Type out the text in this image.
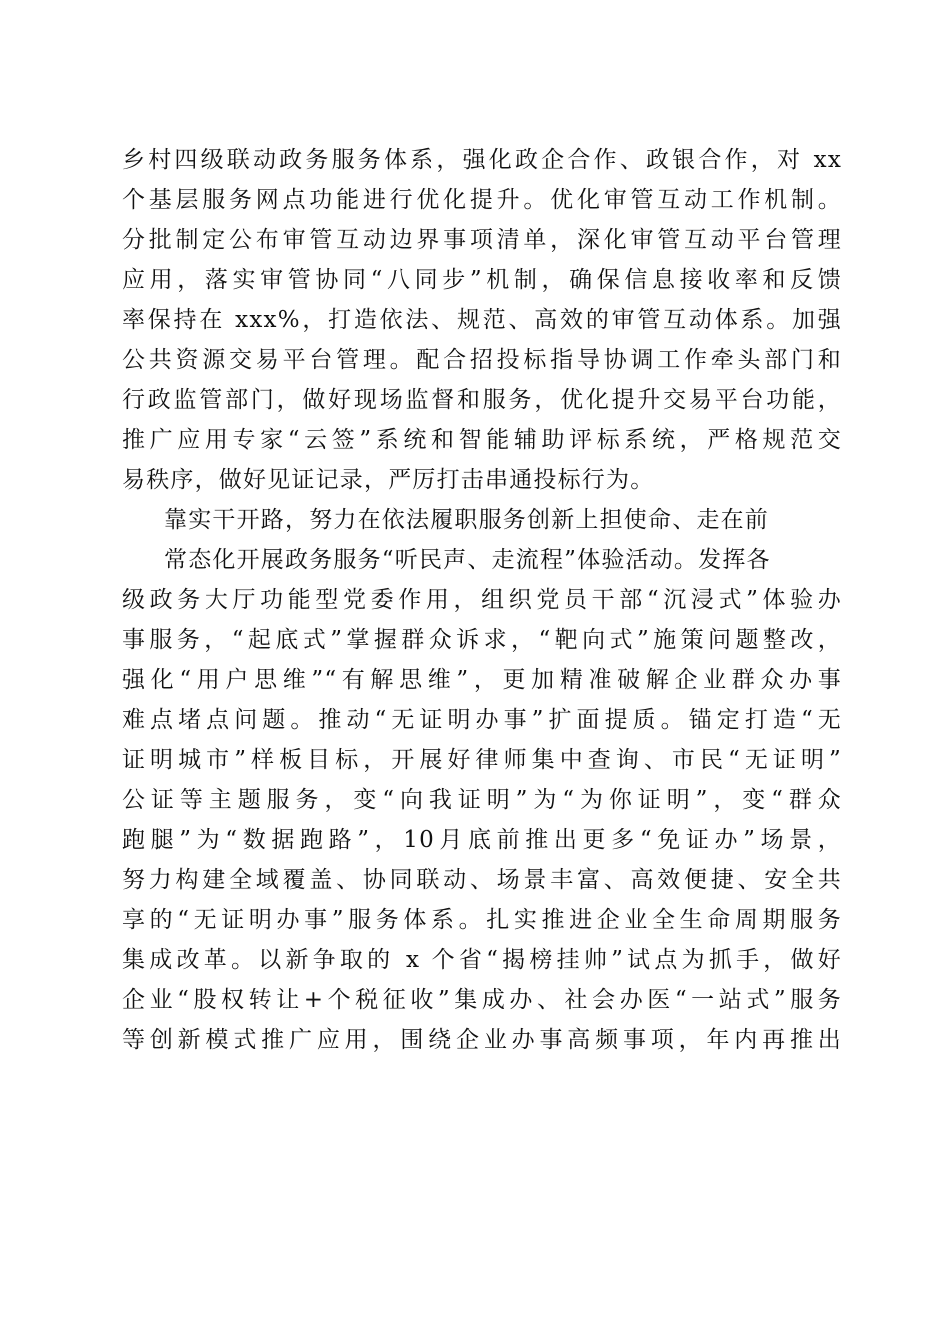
乡村四级联动政务服务体系，强化政企合作、政银合作，对 xx
个基层服务网点功能进行优化提升。优化审管互动工作机制。
分批制定公布审管互动边界事项清单，深化审管互动平台管理
应用，落实审管协同“八同步”机制，确保信息接收率和反馈
率保持在 xxx%，打造依法、规范、高效的审管互动体系。加强
公共资源交易平台管理。配合招投标指导协调工作牵头部门和
行政监管部门，做好现场监督和服务，优化提升交易平台功能，
推广应用专家“云签”系统和智能辅助评标系统，严格规范交
易秩序，做好见证记录，严厉打击串通投标行为。
靠实干开路，努力在依法履职服务创新上担使命、走在前
常态化开展政务服务“听民声、走流程”体验活动。发挥各
级政务大厅功能型党委作用，组织党员干部“沉浸式”体验办
事服务，“起底式”掌握群众诉求，“靶向式”施策问题整改，
强化“用户思维”“有解思维”，更加精准破解企业群众办事
难点堵点问题。推动“无证明办事”扩面提质。锚定打造“无
证明城市”样板目标，开展好律师集中查询、市民“无证明”
公证等主题服务，变“向我证明”为“为你证明”，变“群众
跑腿”为“数据跑路”，10月底前推出更多“免证办”场景，
努力构建全域覆盖、协同联动、场景丰富、高效便捷、安全共
享的“无证明办事”服务体系。扎实推进企业全生命周期服务
集成改革。以新争取的 x 个省“揭榜挂帅”试点为抓手，做好
企业“股权转让+个税征收”集成办、社会办医“一站式”服务
等创新模式推广应用，围绕企业办事高频事项，年内再推出
